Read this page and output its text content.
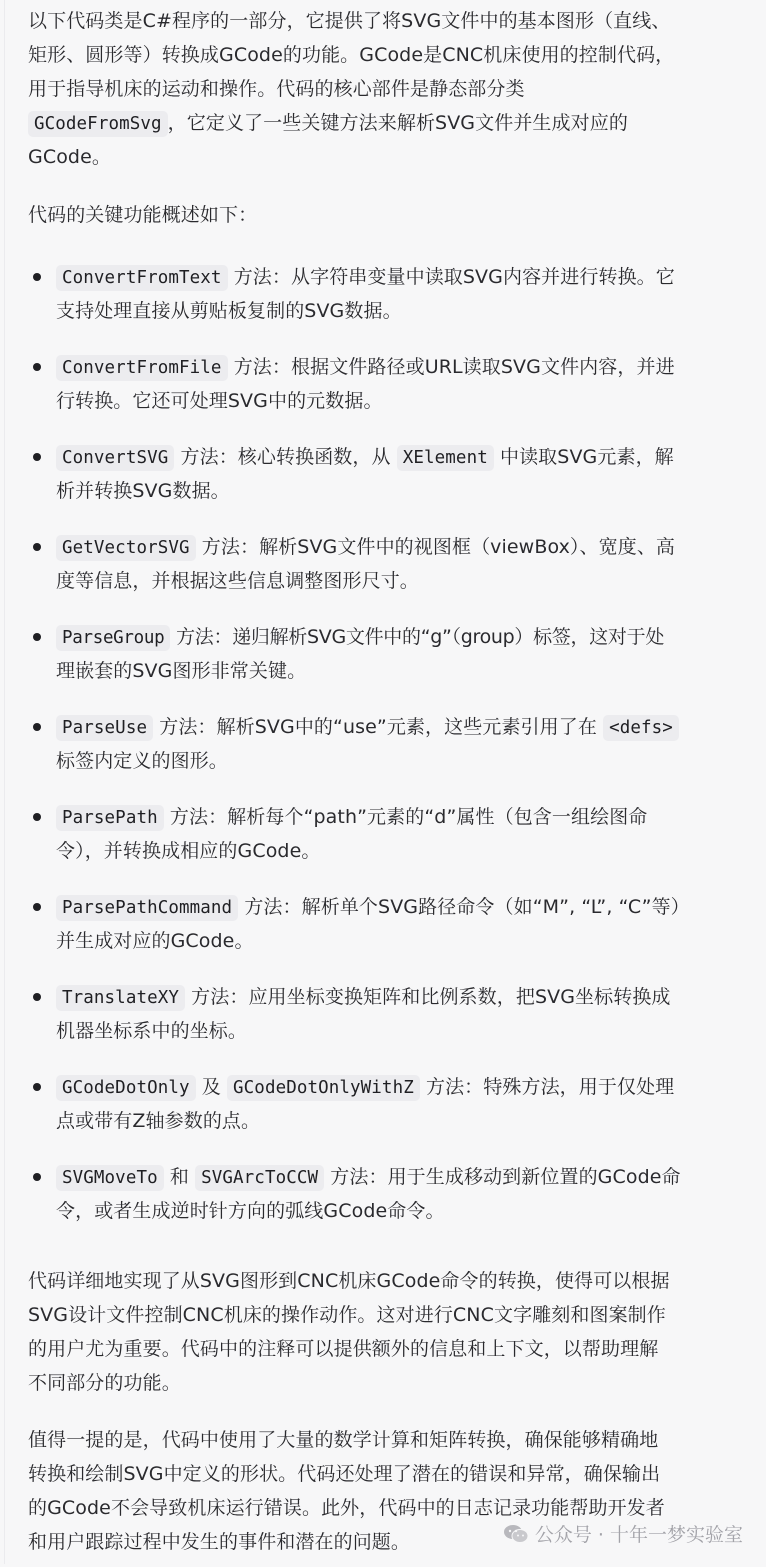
以下代码类是C#程序的一部分，它提供了将SVG文件中的基本图形（直线、
矩形、圆形等）转换成GCode的功能。GCode是CNC机床使用的控制代码，
用于指导机床的运动和操作。代码的核心部件是静态部分类
GCodeFromSvg ，它定义了一些关键方法来解析SVG文件并生成对应的
GCode。
代码的关键功能概述如下：
ConvertFromText 方法：从字符串变量中读取SVG内容并进行转换。它
支持处理直接从剪贴板复制的SVG数据。
ConvertFromFile 方法：根据文件路径或URL读取SVG文件内容，并进
行转换。它还可处理SVG中的元数据。
ConvertSVG 方法：核心转换函数，从 XElement 中读取SVG元素，解
析并转换SVG数据。
GetVectorSVG 方法：解析SVG文件中的视图框（viewBox）、宽度、高
度等信息，并根据这些信息调整图形尺寸。
ParseGroup 方法：递归解析SVG文件中的“g”（group）标签，这对于处
理嵌套的SVG图形非常关键。
ParseUse 方法：解析SVG中的“use”元素，这些元素引用了在 <defs>
标签内定义的图形。
ParsePath 方法：解析每个“path”元素的“d”属性（包含一组绘图命
令），并转换成相应的GCode。
ParsePathCommand 方法：解析单个SVG路径命令（如“M”, “L”, “C”等）
并生成对应的GCode。
TranslateXY 方法：应用坐标变换矩阵和比例系数，把SVG坐标转换成
机器坐标系中的坐标。
GCodeDotOnly 及 GCodeDotOnlyWithZ 方法：特殊方法，用于仅处理
点或带有Z轴参数的点。
SVGMoveTo 和 SVGArcToCCW 方法：用于生成移动到新位置的GCode命
令，或者生成逆时针方向的弧线GCode命令。
代码详细地实现了从SVG图形到CNC机床GCode命令的转换，使得可以根据
SVG设计文件控制CNC机床的操作动作。这对进行CNC文字雕刻和图案制作
的用户尤为重要。代码中的注释可以提供额外的信息和上下文，以帮助理解
不同部分的功能。
值得一提的是，代码中使用了大量的数学计算和矩阵转换，确保能够精确地
转换和绘制SVG中定义的形状。代码还处理了潜在的错误和异常，确保输出
的GCode不会导致机床运行错误。此外，代码中的日志记录功能帮助开发者
和用户跟踪过程中发生的事件和潜在的问题。	公众号 · 十年一梦实验室
